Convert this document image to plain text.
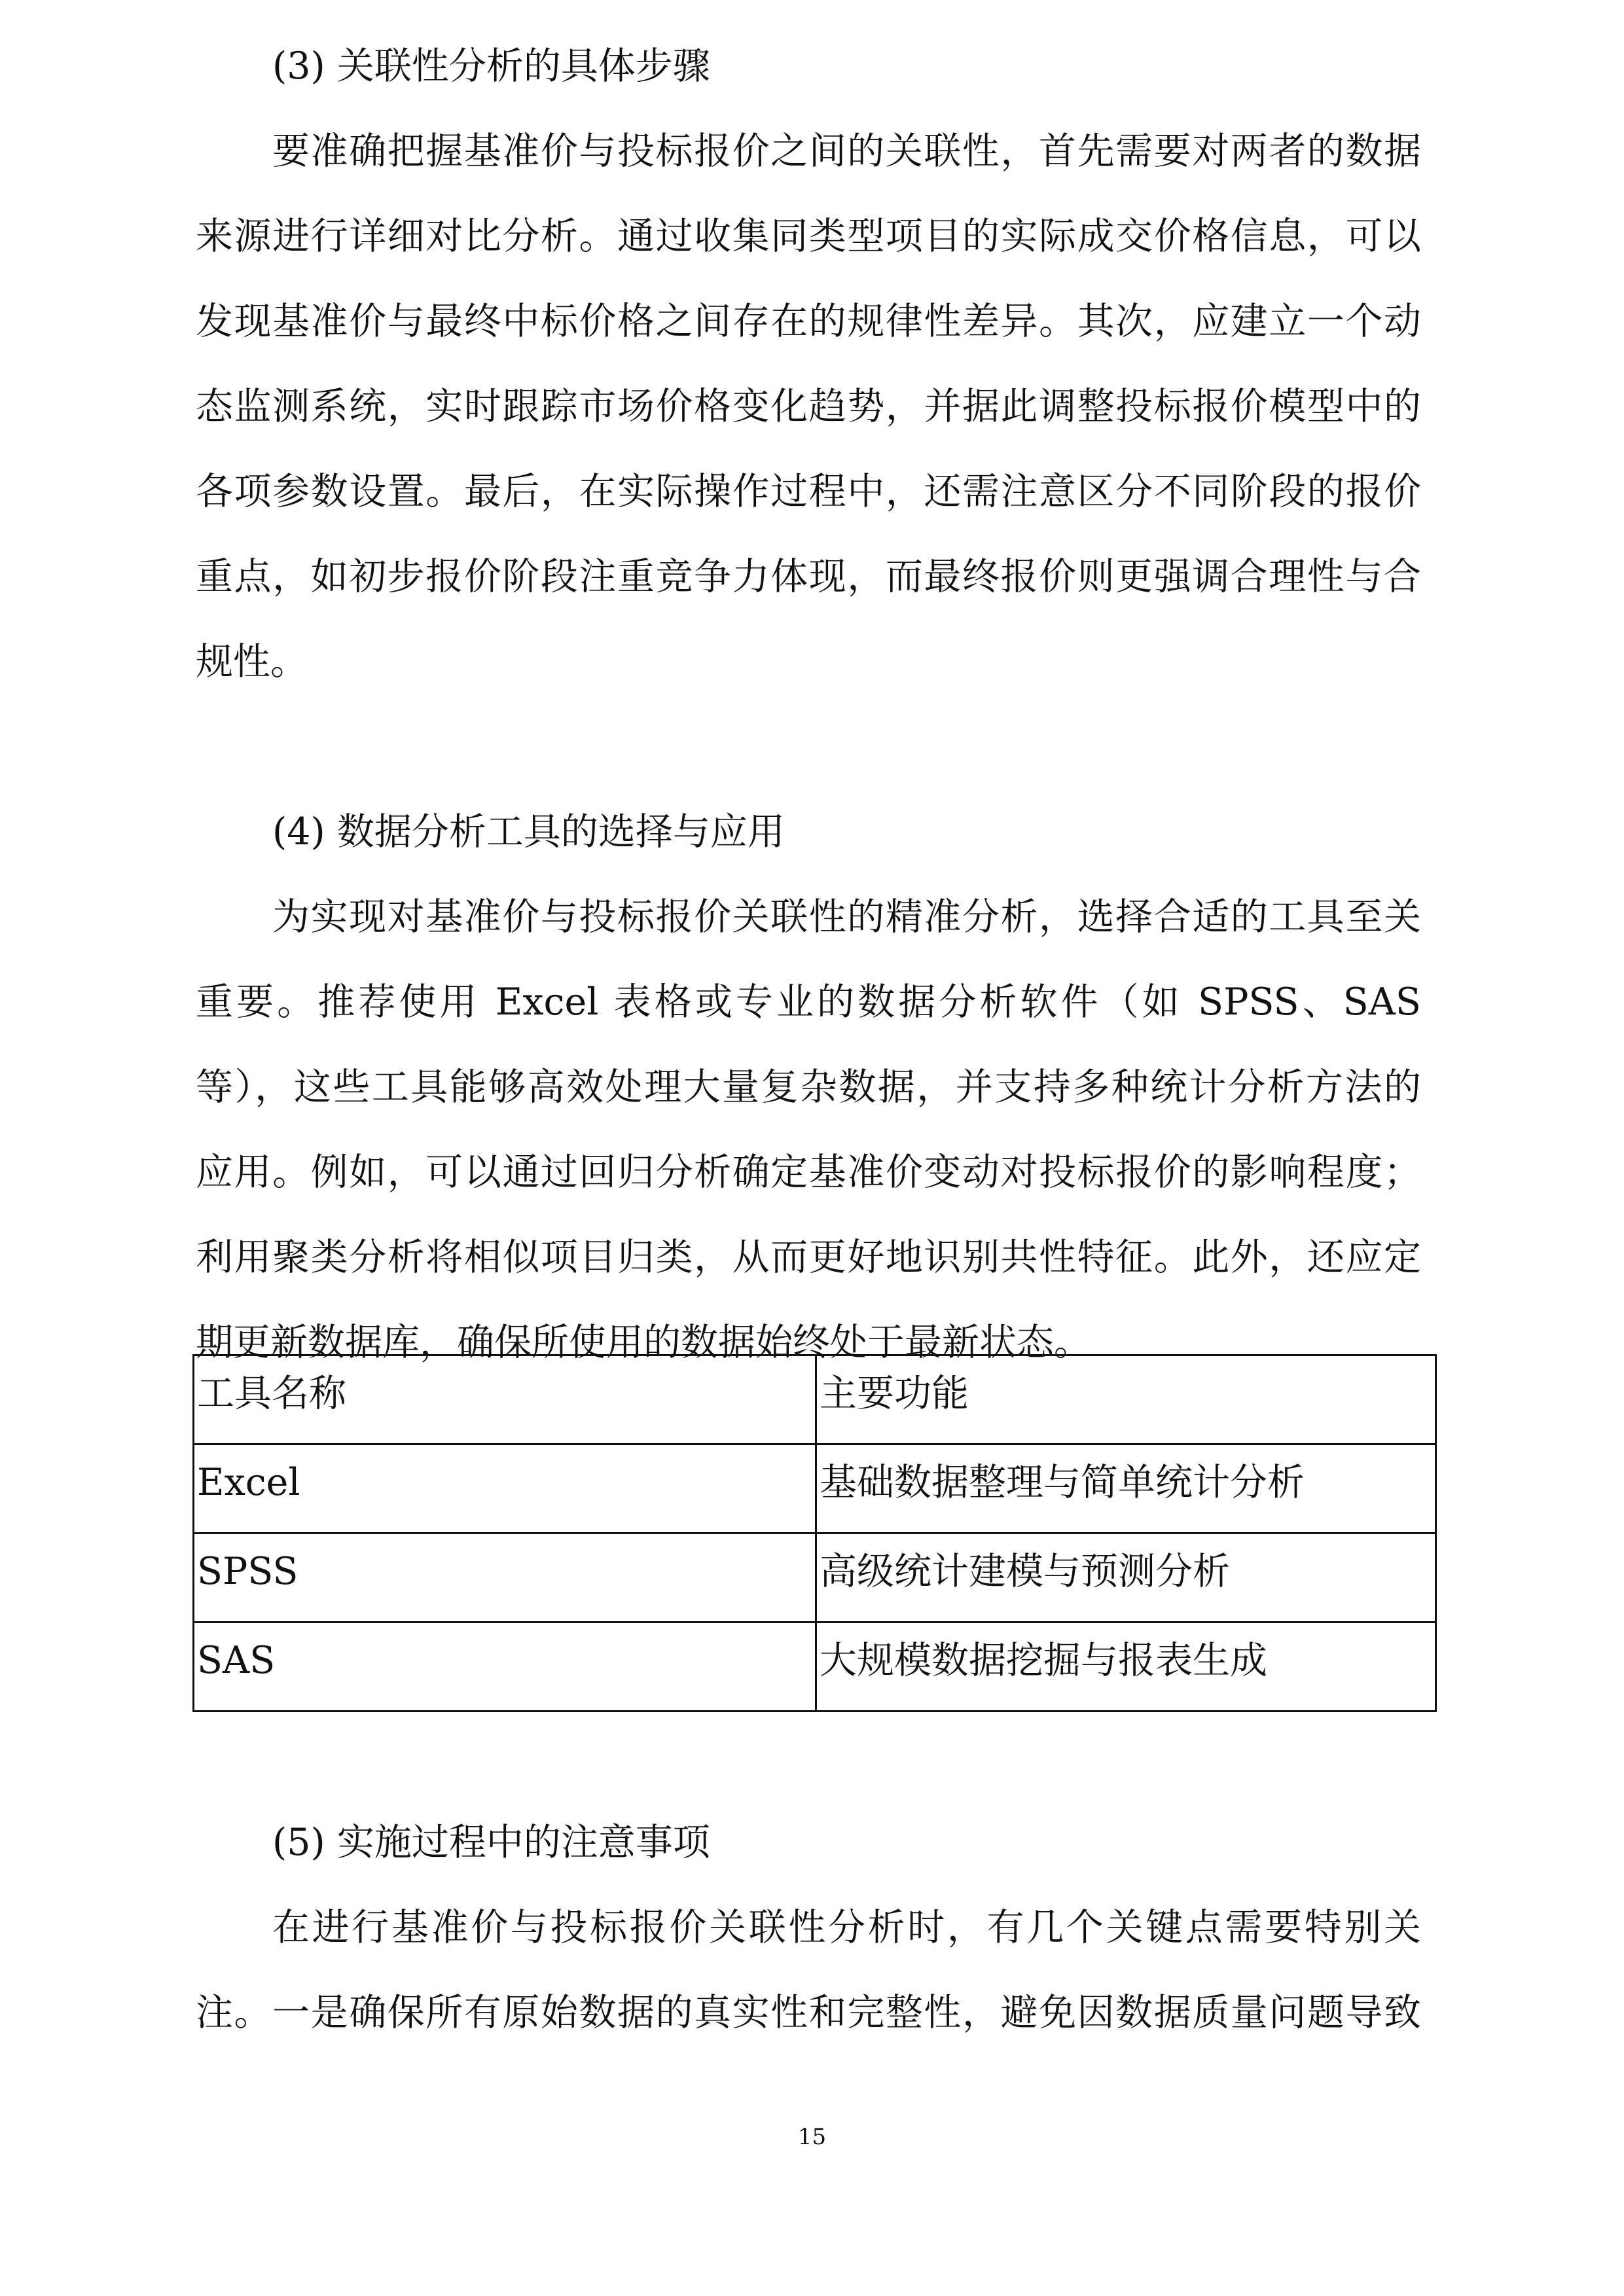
(3) 关联性分析的具体步骤
要准确把握基准价与投标报价之间的关联性，首先需要对两者的数据
来源进行详细对比分析。通过收集同类型项目的实际成交价格信息，可以
发现基准价与最终中标价格之间存在的规律性差异。其次，应建立一个动
态监测系统，实时跟踪市场价格变化趋势，并据此调整投标报价模型中的
各项参数设置。最后，在实际操作过程中，还需注意区分不同阶段的报价
重点，如初步报价阶段注重竞争力体现，而最终报价则更强调合理性与合
规性。
(4) 数据分析工具的选择与应用
为实现对基准价与投标报价关联性的精准分析，选择合适的工具至关
重要。推荐使用 Excel 表格或专业的数据分析软件（如 SPSS、SAS
等），这些工具能够高效处理大量复杂数据，并支持多种统计分析方法的
应用。例如，可以通过回归分析确定基准价变动对投标报价的影响程度；
利用聚类分析将相似项目归类，从而更好地识别共性特征。此外，还应定
期更新数据库，确保所使用的数据始终处于最新状态。
工具名称	主要功能
Excel	基础数据整理与简单统计分析
SPSS	高级统计建模与预测分析
SAS	大规模数据挖掘与报表生成
(5) 实施过程中的注意事项
在进行基准价与投标报价关联性分析时，有几个关键点需要特别关
注。一是确保所有原始数据的真实性和完整性，避免因数据质量问题导致
15
